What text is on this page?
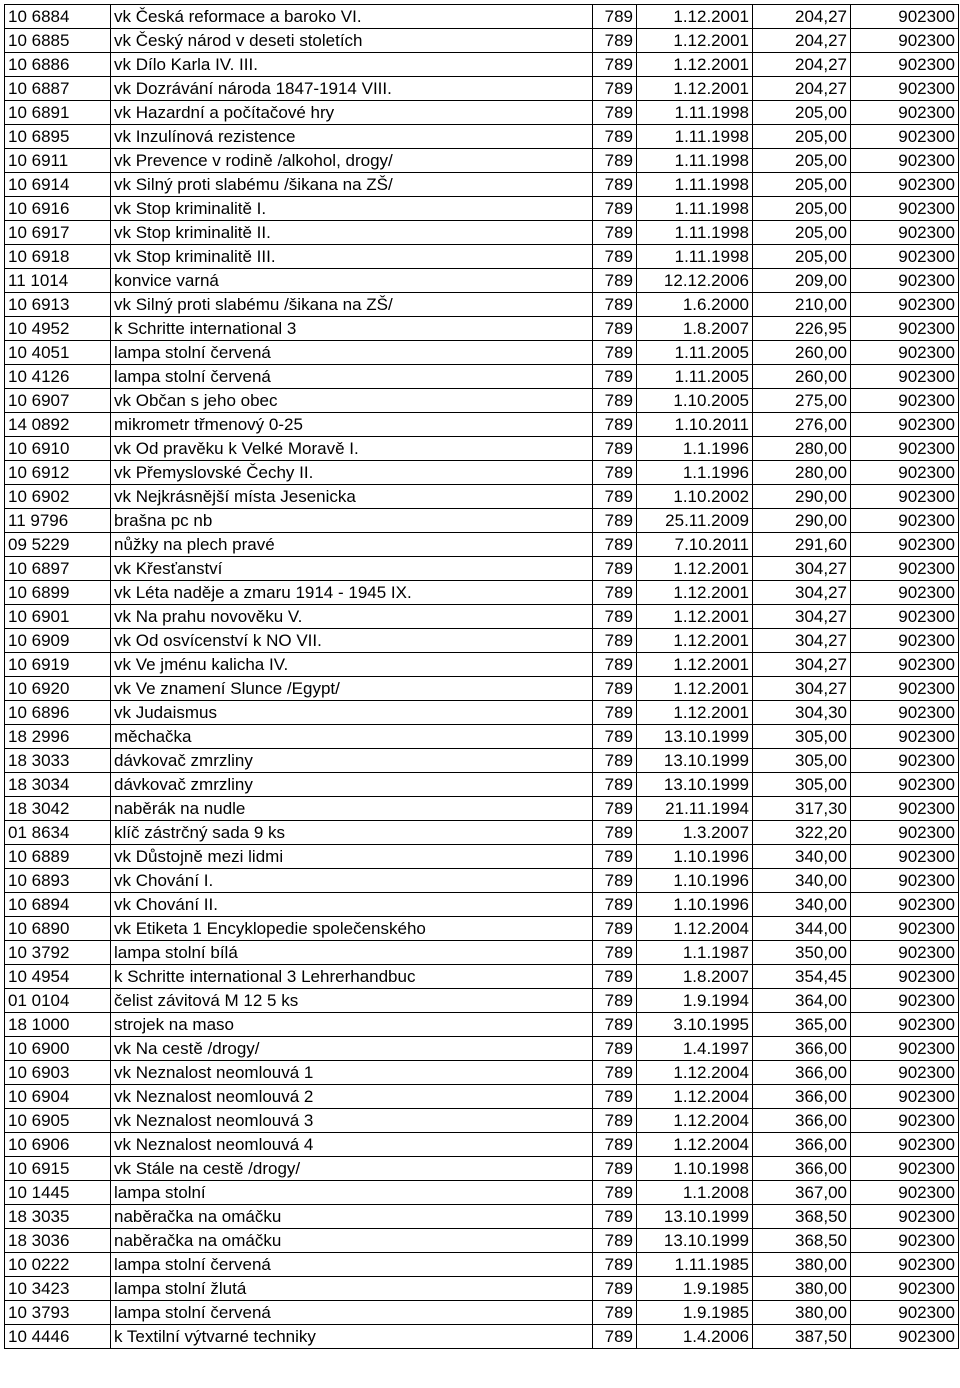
10 6884	vk Česká reformace a baroko VI.	789	1.12.2001	204,27	902300
10 6885	vk Český národ v deseti stoletích	789	1.12.2001	204,27	902300
10 6886	vk Dílo Karla IV. III.	789	1.12.2001	204,27	902300
10 6887	vk Dozrávání národa 1847-1914 VIII.	789	1.12.2001	204,27	902300
10 6891	vk Hazardní a počítačové hry	789	1.11.1998	205,00	902300
10 6895	vk Inzulínová rezistence	789	1.11.1998	205,00	902300
10 6911	vk Prevence v rodině /alkohol, drogy/	789	1.11.1998	205,00	902300
10 6914	vk Silný proti slabému /šikana na ZŠ/	789	1.11.1998	205,00	902300
10 6916	vk Stop kriminalitě I.	789	1.11.1998	205,00	902300
10 6917	vk Stop kriminalitě II.	789	1.11.1998	205,00	902300
10 6918	vk Stop kriminalitě III.	789	1.11.1998	205,00	902300
11 1014	konvice varná	789	12.12.2006	209,00	902300
10 6913	vk Silný proti slabému /šikana na ZŠ/	789	1.6.2000	210,00	902300
10 4952	k Schritte international 3	789	1.8.2007	226,95	902300
10 4051	lampa stolní červená	789	1.11.2005	260,00	902300
10 4126	lampa stolní červená	789	1.11.2005	260,00	902300
10 6907	vk Občan s jeho obec	789	1.10.2005	275,00	902300
14 0892	mikrometr třmenový 0-25	789	1.10.2011	276,00	902300
10 6910	vk Od pravěku k Velké Moravě I.	789	1.1.1996	280,00	902300
10 6912	vk Přemyslovské Čechy II.	789	1.1.1996	280,00	902300
10 6902	vk Nejkrásnější místa Jesenicka	789	1.10.2002	290,00	902300
11 9796	brašna pc nb	789	25.11.2009	290,00	902300
09 5229	nůžky na plech pravé	789	7.10.2011	291,60	902300
10 6897	vk Křesťanství	789	1.12.2001	304,27	902300
10 6899	vk Léta naděje a zmaru 1914 - 1945 IX.	789	1.12.2001	304,27	902300
10 6901	vk Na prahu novověku V.	789	1.12.2001	304,27	902300
10 6909	vk Od osvícenství k NO VII.	789	1.12.2001	304,27	902300
10 6919	vk Ve jménu kalicha IV.	789	1.12.2001	304,27	902300
10 6920	vk Ve znamení Slunce /Egypt/	789	1.12.2001	304,27	902300
10 6896	vk Judaismus	789	1.12.2001	304,30	902300
18 2996	měchačka	789	13.10.1999	305,00	902300
18 3033	dávkovač zmrzliny	789	13.10.1999	305,00	902300
18 3034	dávkovač zmrzliny	789	13.10.1999	305,00	902300
18 3042	naběrák na nudle	789	21.11.1994	317,30	902300
01 8634	klíč zástrčný sada 9 ks	789	1.3.2007	322,20	902300
10 6889	vk Důstojně mezi lidmi	789	1.10.1996	340,00	902300
10 6893	vk Chování I.	789	1.10.1996	340,00	902300
10 6894	vk Chování II.	789	1.10.1996	340,00	902300
10 6890	vk Etiketa 1 Encyklopedie společenského	789	1.12.2004	344,00	902300
10 3792	lampa stolní bílá	789	1.1.1987	350,00	902300
10 4954	k Schritte international 3 Lehrerhandbuc	789	1.8.2007	354,45	902300
01 0104	čelist závitová M 12 5 ks	789	1.9.1994	364,00	902300
18 1000	strojek na maso	789	3.10.1995	365,00	902300
10 6900	vk Na cestě /drogy/	789	1.4.1997	366,00	902300
10 6903	vk Neznalost neomlouvá 1	789	1.12.2004	366,00	902300
10 6904	vk Neznalost neomlouvá 2	789	1.12.2004	366,00	902300
10 6905	vk Neznalost neomlouvá 3	789	1.12.2004	366,00	902300
10 6906	vk Neznalost neomlouvá 4	789	1.12.2004	366,00	902300
10 6915	vk Stále na cestě /drogy/	789	1.10.1998	366,00	902300
10 1445	lampa stolní	789	1.1.2008	367,00	902300
18 3035	naběračka na omáčku	789	13.10.1999	368,50	902300
18 3036	naběračka na omáčku	789	13.10.1999	368,50	902300
10 0222	lampa stolní červená	789	1.11.1985	380,00	902300
10 3423	lampa stolní žlutá	789	1.9.1985	380,00	902300
10 3793	lampa stolní červená	789	1.9.1985	380,00	902300
10 4446	k Textilní výtvarné techniky	789	1.4.2006	387,50	902300
